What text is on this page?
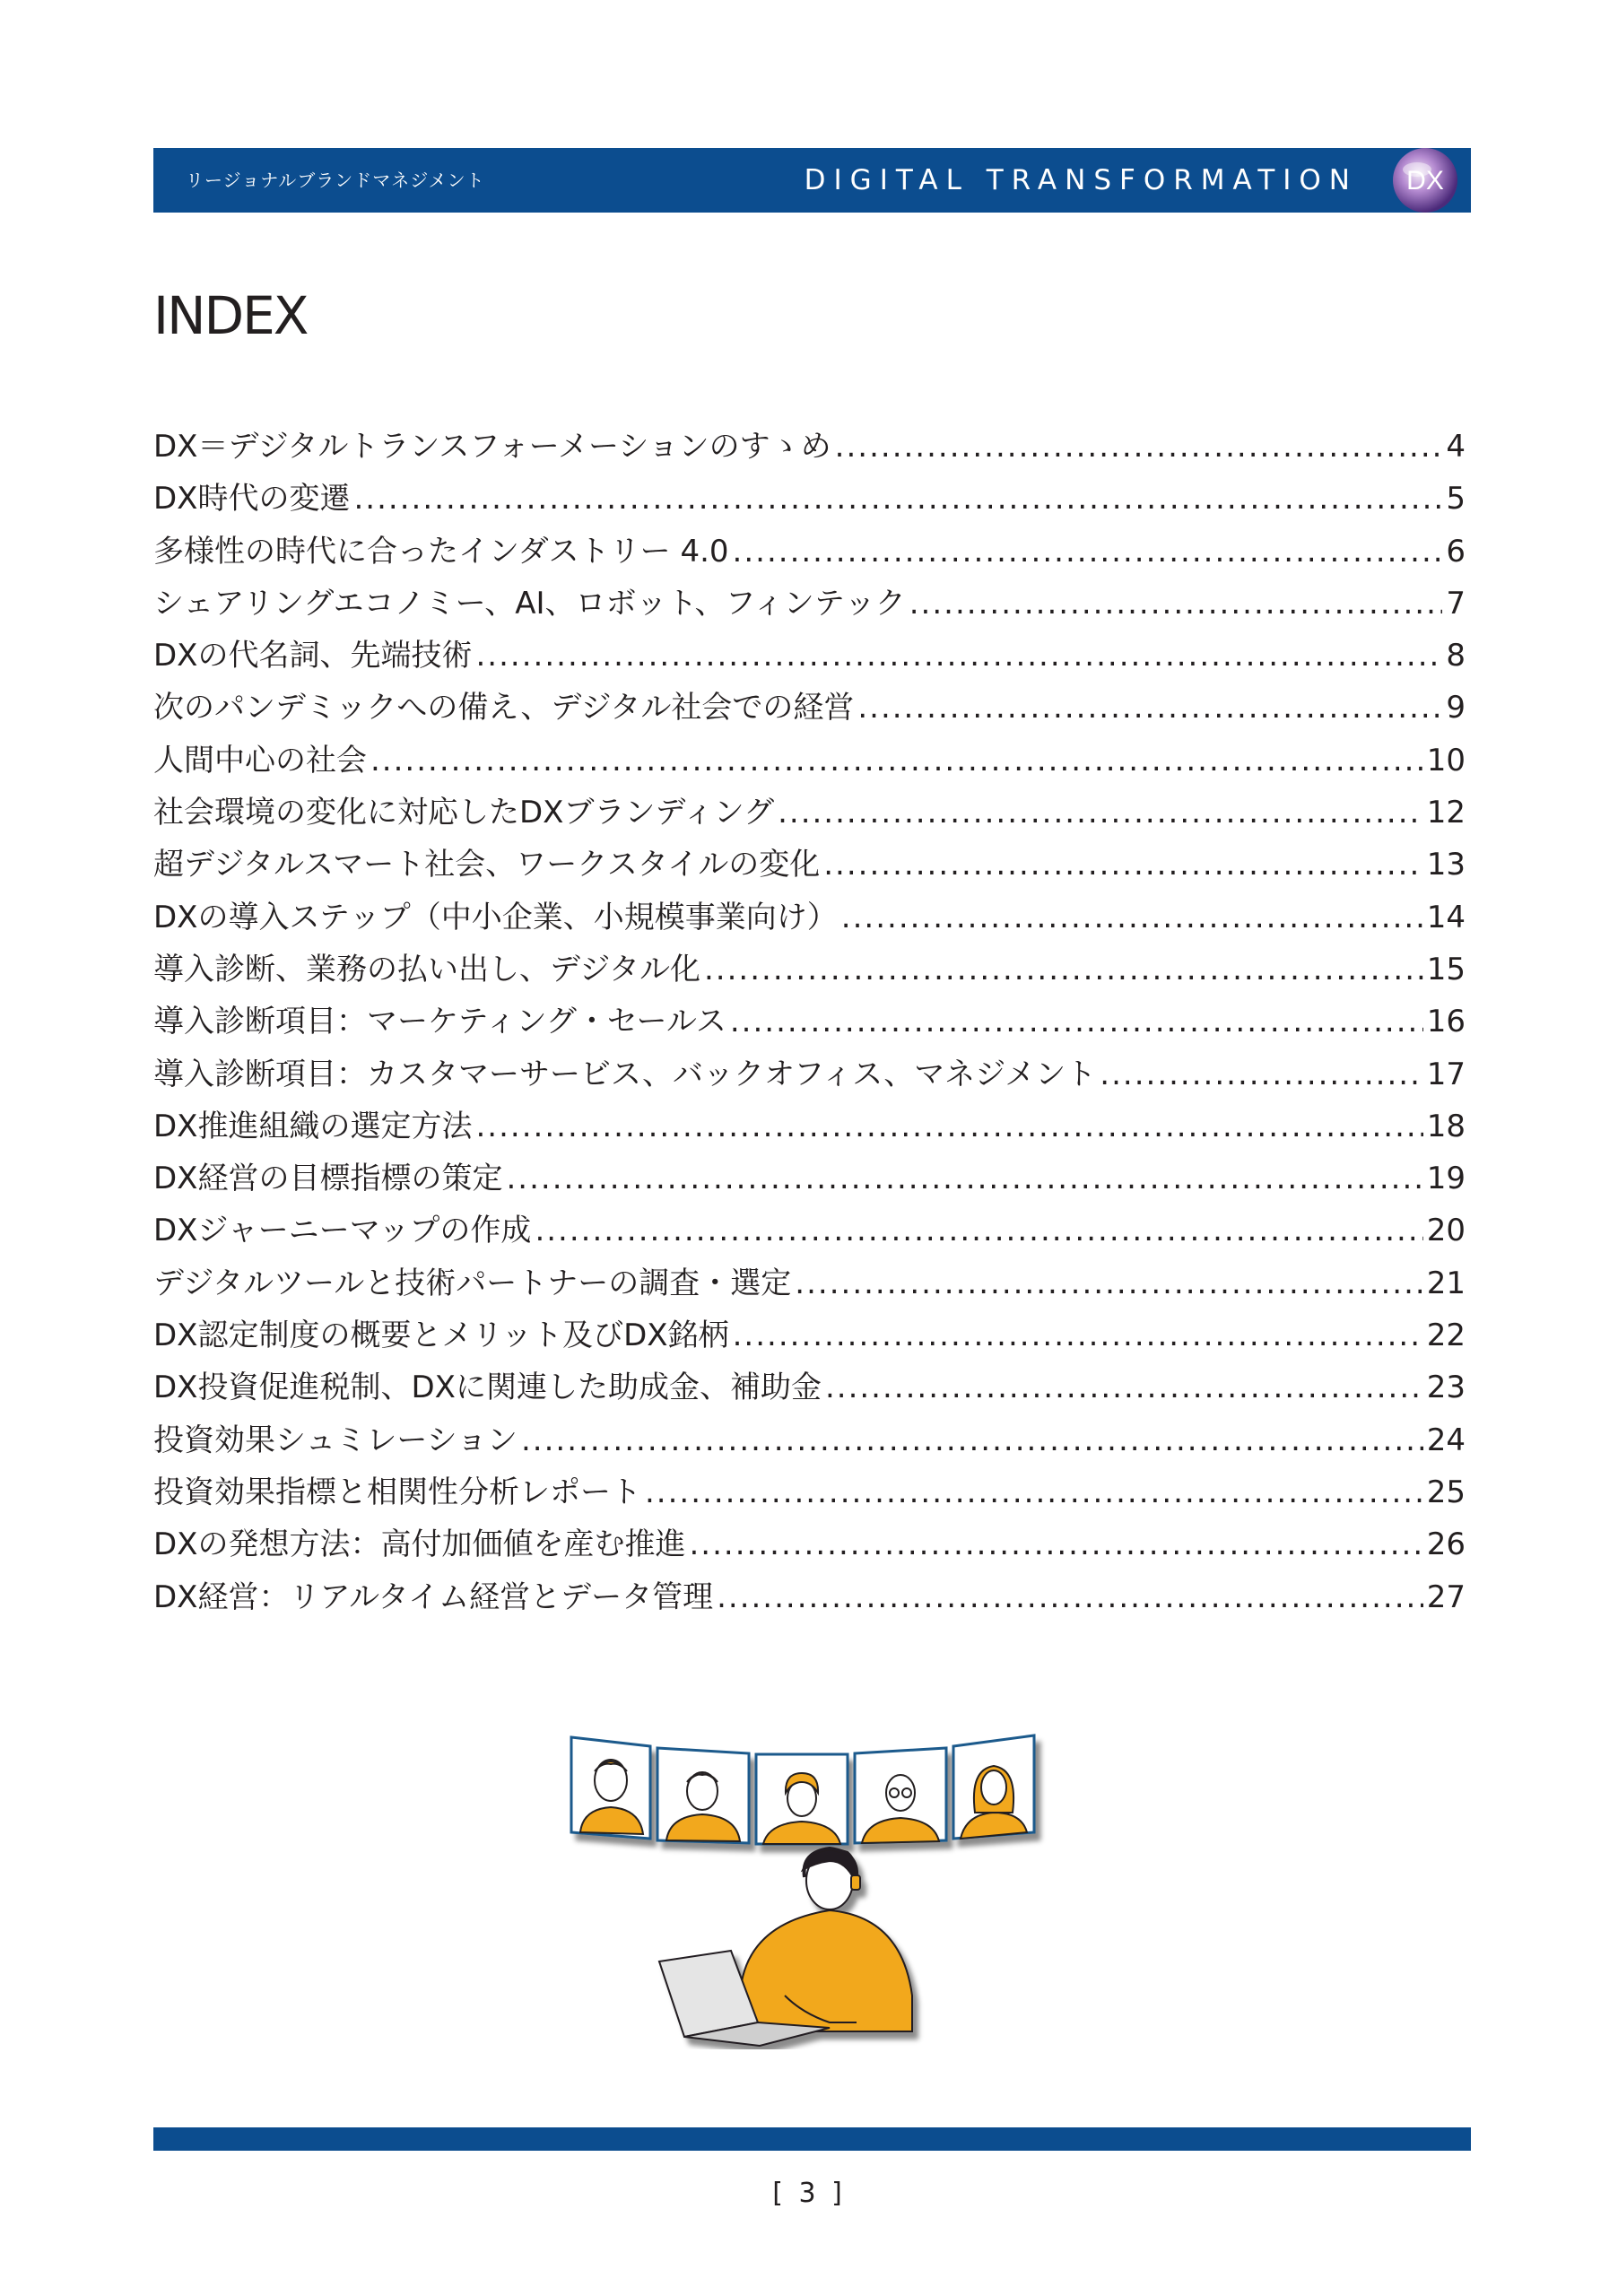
リージョナルブランドマネジメント	DIGITAL TRANSFORMATION DX
INDEX
DX＝デジタルトランスフォーメーションのすゝめ .....	4
DX時代の変遷 .....	5
多様性の時代に合ったインダストリー 4.0 .....	6
シェアリングエコノミー、AI、ロボット、フィンテック .....	7
DXの代名詞、先端技術 .....	8
次のパンデミックへの備え、デジタル社会での経営 .....	9
人間中心の社会 .....	10
社会環境の変化に対応したDXブランディング .....	12
超デジタルスマート社会、ワークスタイルの変化 .....	13
DXの導入ステップ（中小企業、小規模事業向け） .....	14
導入診断、業務の払い出し、デジタル化 .....	15
導入診断項目：マーケティング・セールス .....	16
導入診断項目：カスタマーサービス、バックオフィス、マネジメント .....	17
DX推進組織の選定方法 .....	18
DX経営の目標指標の策定 .....	19
DXジャーニーマップの作成 .....	20
デジタルツールと技術パートナーの調査・選定 .....	21
DX認定制度の概要とメリット及びDX銘柄 .....	22
DX投資促進税制、DXに関連した助成金、補助金 .....	23
投資効果シュミレーション .....	24
投資効果指標と相関性分析レポート .....	25
DXの発想方法：高付加価値を産む推進 .....	26
DX経営：リアルタイム経営とデータ管理 .....	27
[ 3 ]
